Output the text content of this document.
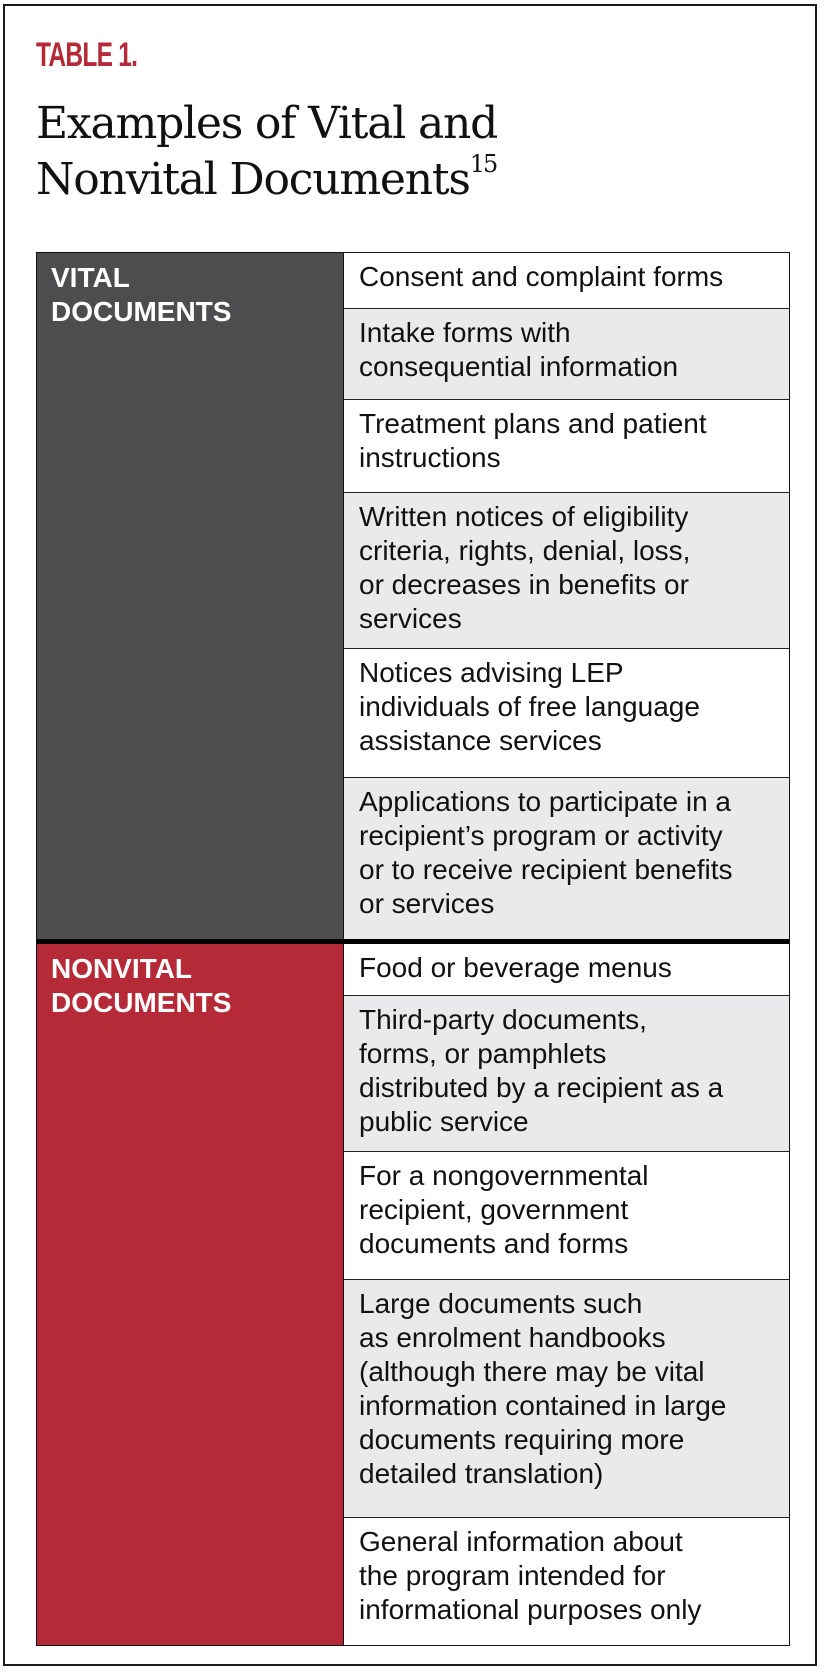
TABLE 1.
Examples of Vital and
Nonvital Documents$^{15}$
VITAL
DOCUMENTS
Consent and complaint forms
Intake forms with
consequential information
Treatment plans and patient
instructions
Written notices of eligibility
criteria, rights, denial, loss,
or decreases in benefits or
services
Notices advising LEP
individuals of free language
assistance services
Applications to participate in a
recipient’s program or activity
or to receive recipient benefits
or services
NONVITAL
DOCUMENTS
Food or beverage menus
Third-party documents,
forms, or pamphlets
distributed by a recipient as a
public service
For a nongovernmental
recipient, government
documents and forms
Large documents such
as enrolment handbooks
(although there may be vital
information contained in large
documents requiring more
detailed translation)
General information about
the program intended for
informational purposes only
